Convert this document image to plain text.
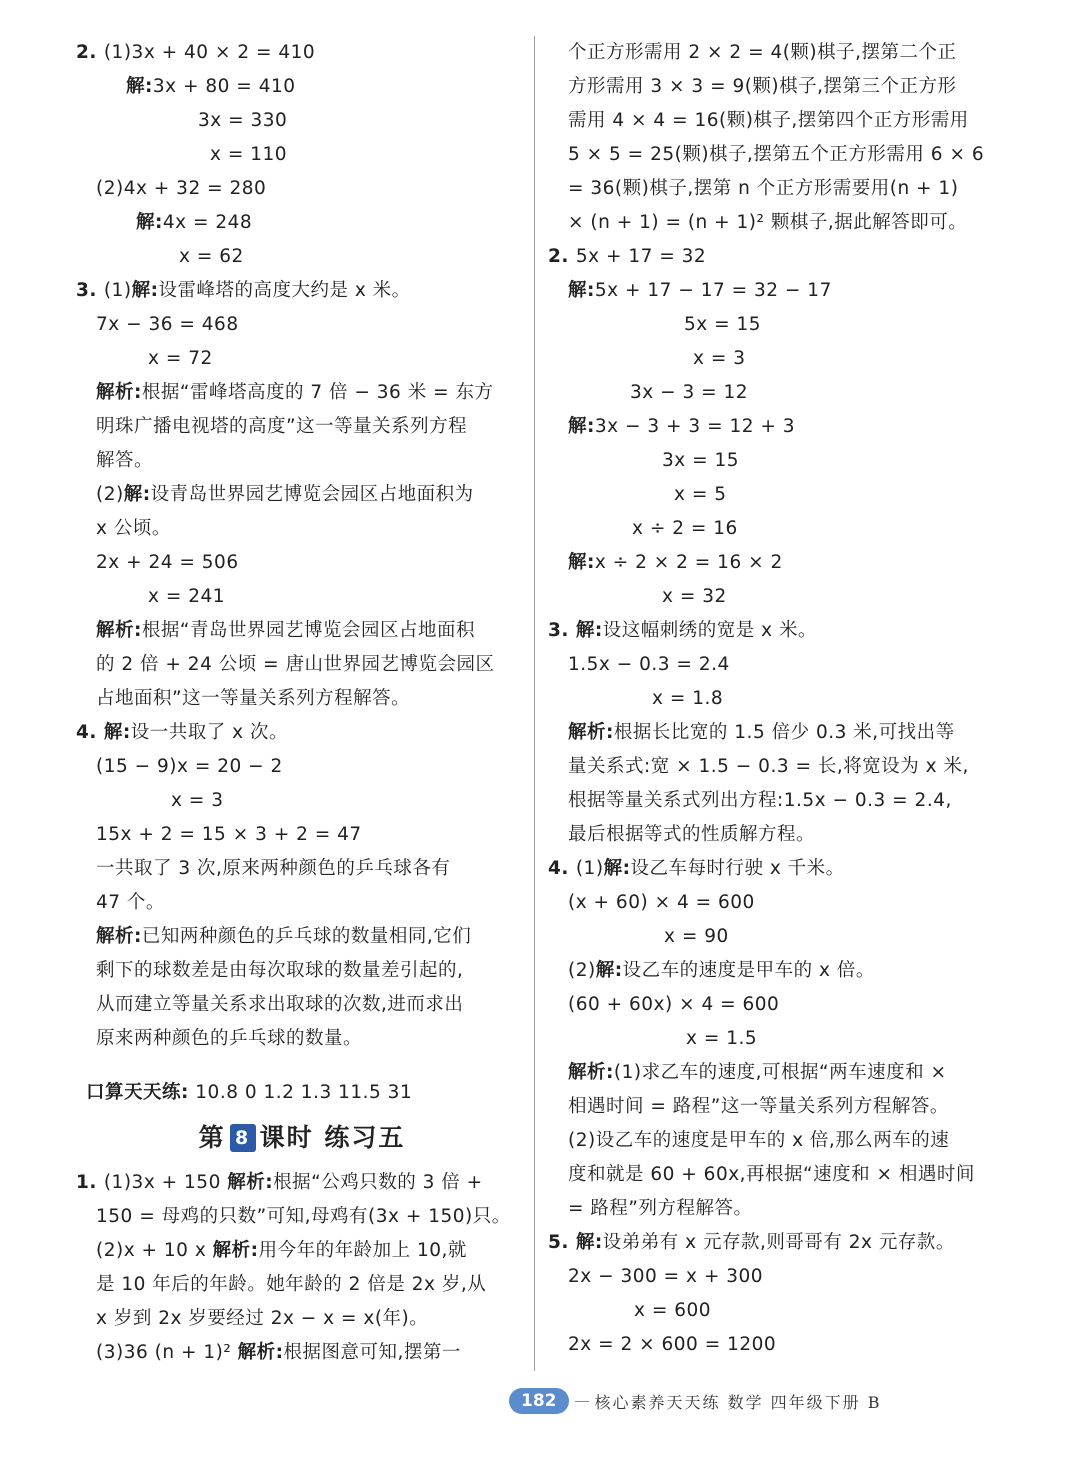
2. (1)3x + 40 × 2 = 410
解:3x + 80 = 410
3x = 330
x = 110
(2)4x + 32 = 280
解:4x = 248
x = 62
3. (1)解:设雷峰塔的高度大约是 x 米。
7x − 36 = 468
x = 72
解析:根据“雷峰塔高度的 7 倍 − 36 米 = 东方
明珠广播电视塔的高度”这一等量关系列方程
解答。
(2)解:设青岛世界园艺博览会园区占地面积为
x 公顷。
2x + 24 = 506
x = 241
解析:根据“青岛世界园艺博览会园区占地面积
的 2 倍 + 24 公顷 = 唐山世界园艺博览会园区
占地面积”这一等量关系列方程解答。
4. 解:设一共取了 x 次。
(15 − 9)x = 20 − 2
x = 3
15x + 2 = 15 × 3 + 2 = 47
一共取了 3 次,原来两种颜色的乒乓球各有
47 个。
解析:已知两种颜色的乒乓球的数量相同,它们
剩下的球数差是由每次取球的数量差引起的,
从而建立等量关系求出取球的次数,进而求出
原来两种颜色的乒乓球的数量。
口算天天练: 10.8 0 1.2 1.3 11.5 31
第 8 课时 练习五
1. (1)3x + 150 解析:根据“公鸡只数的 3 倍 +
150 = 母鸡的只数”可知,母鸡有(3x + 150)只。
(2)x + 10 x 解析:用今年的年龄加上 10,就
是 10 年后的年龄。她年龄的 2 倍是 2x 岁,从
x 岁到 2x 岁要经过 2x − x = x(年)。
(3)36 (n + 1)² 解析:根据图意可知,摆第一
个正方形需用 2 × 2 = 4(颗)棋子,摆第二个正
方形需用 3 × 3 = 9(颗)棋子,摆第三个正方形
需用 4 × 4 = 16(颗)棋子,摆第四个正方形需用
5 × 5 = 25(颗)棋子,摆第五个正方形需用 6 × 6
= 36(颗)棋子,摆第 n 个正方形需要用(n + 1)
× (n + 1) = (n + 1)² 颗棋子,据此解答即可。
2. 5x + 17 = 32
解:5x + 17 − 17 = 32 − 17
5x = 15
x = 3
3x − 3 = 12
解:3x − 3 + 3 = 12 + 3
3x = 15
x = 5
x ÷ 2 = 16
解:x ÷ 2 × 2 = 16 × 2
x = 32
3. 解:设这幅刺绣的宽是 x 米。
1.5x − 0.3 = 2.4
x = 1.8
解析:根据长比宽的 1.5 倍少 0.3 米,可找出等
量关系式:宽 × 1.5 − 0.3 = 长,将宽设为 x 米,
根据等量关系式列出方程:1.5x − 0.3 = 2.4,
最后根据等式的性质解方程。
4. (1)解:设乙车每时行驶 x 千米。
(x + 60) × 4 = 600
x = 90
(2)解:设乙车的速度是甲车的 x 倍。
(60 + 60x) × 4 = 600
x = 1.5
解析:(1)求乙车的速度,可根据“两车速度和 ×
相遇时间 = 路程”这一等量关系列方程解答。
(2)设乙车的速度是甲车的 x 倍,那么两车的速
度和就是 60 + 60x,再根据“速度和 × 相遇时间
= 路程”列方程解答。
5. 解:设弟弟有 x 元存款,则哥哥有 2x 元存款。
2x − 300 = x + 300
x = 600
2x = 2 × 600 = 1200
182	核心素养天天练 数学 四年级下册 B
